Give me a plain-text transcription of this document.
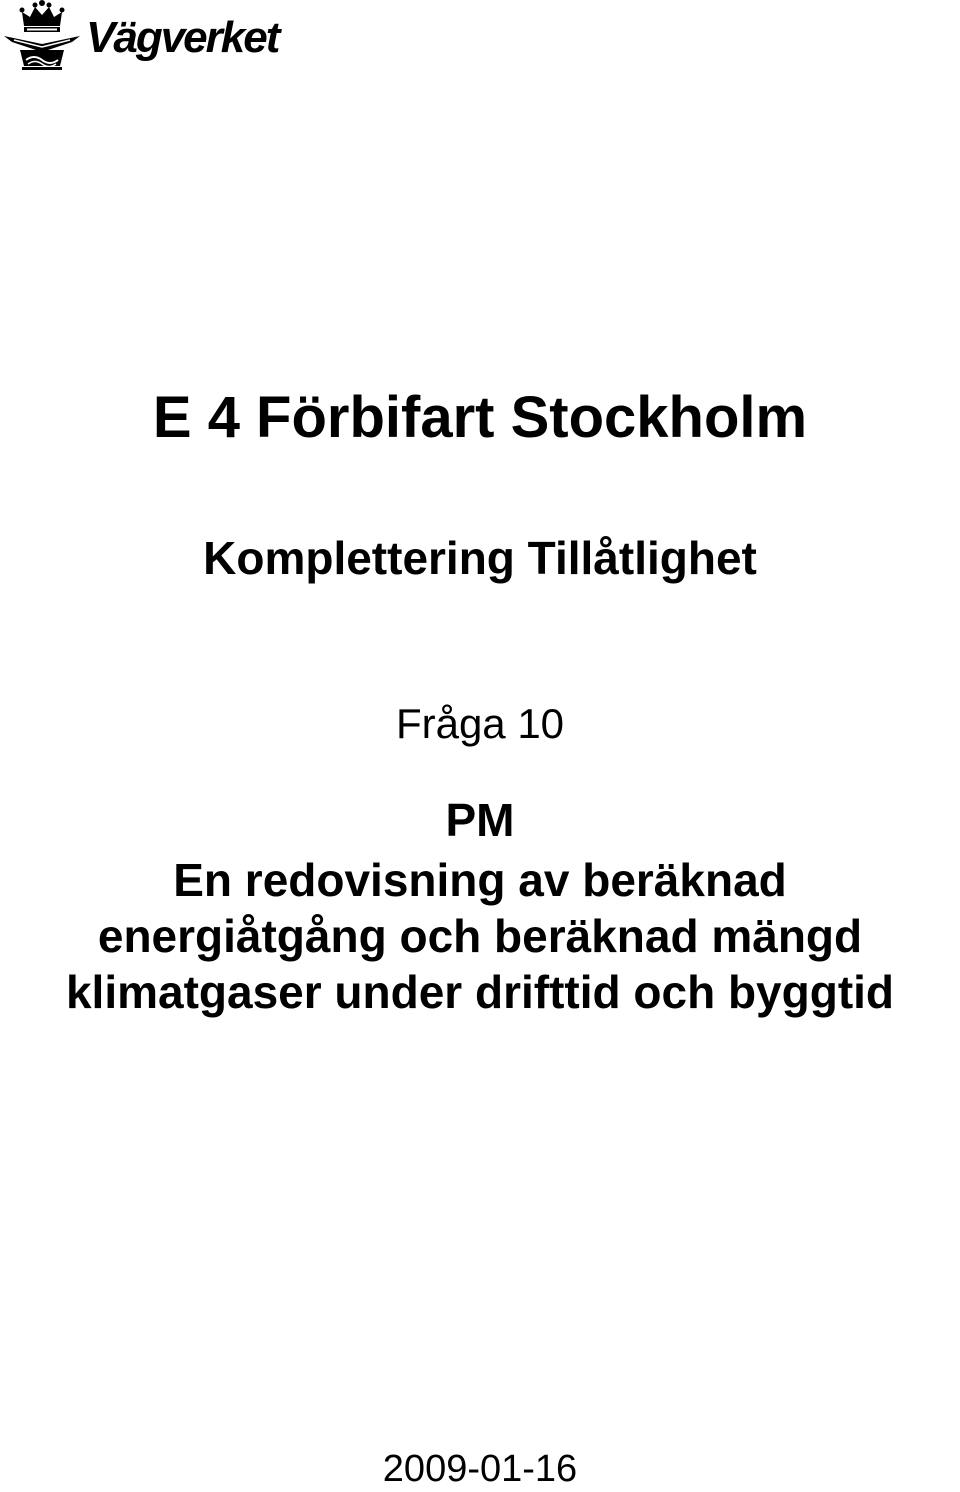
Vägverket
E 4 Förbifart Stockholm
Komplettering Tillåtlighet
Fråga 10
PM
En redovisning av beräknad
energiåtgång och beräknad mängd
klimatgaser under drifttid och byggtid
2009-01-16
